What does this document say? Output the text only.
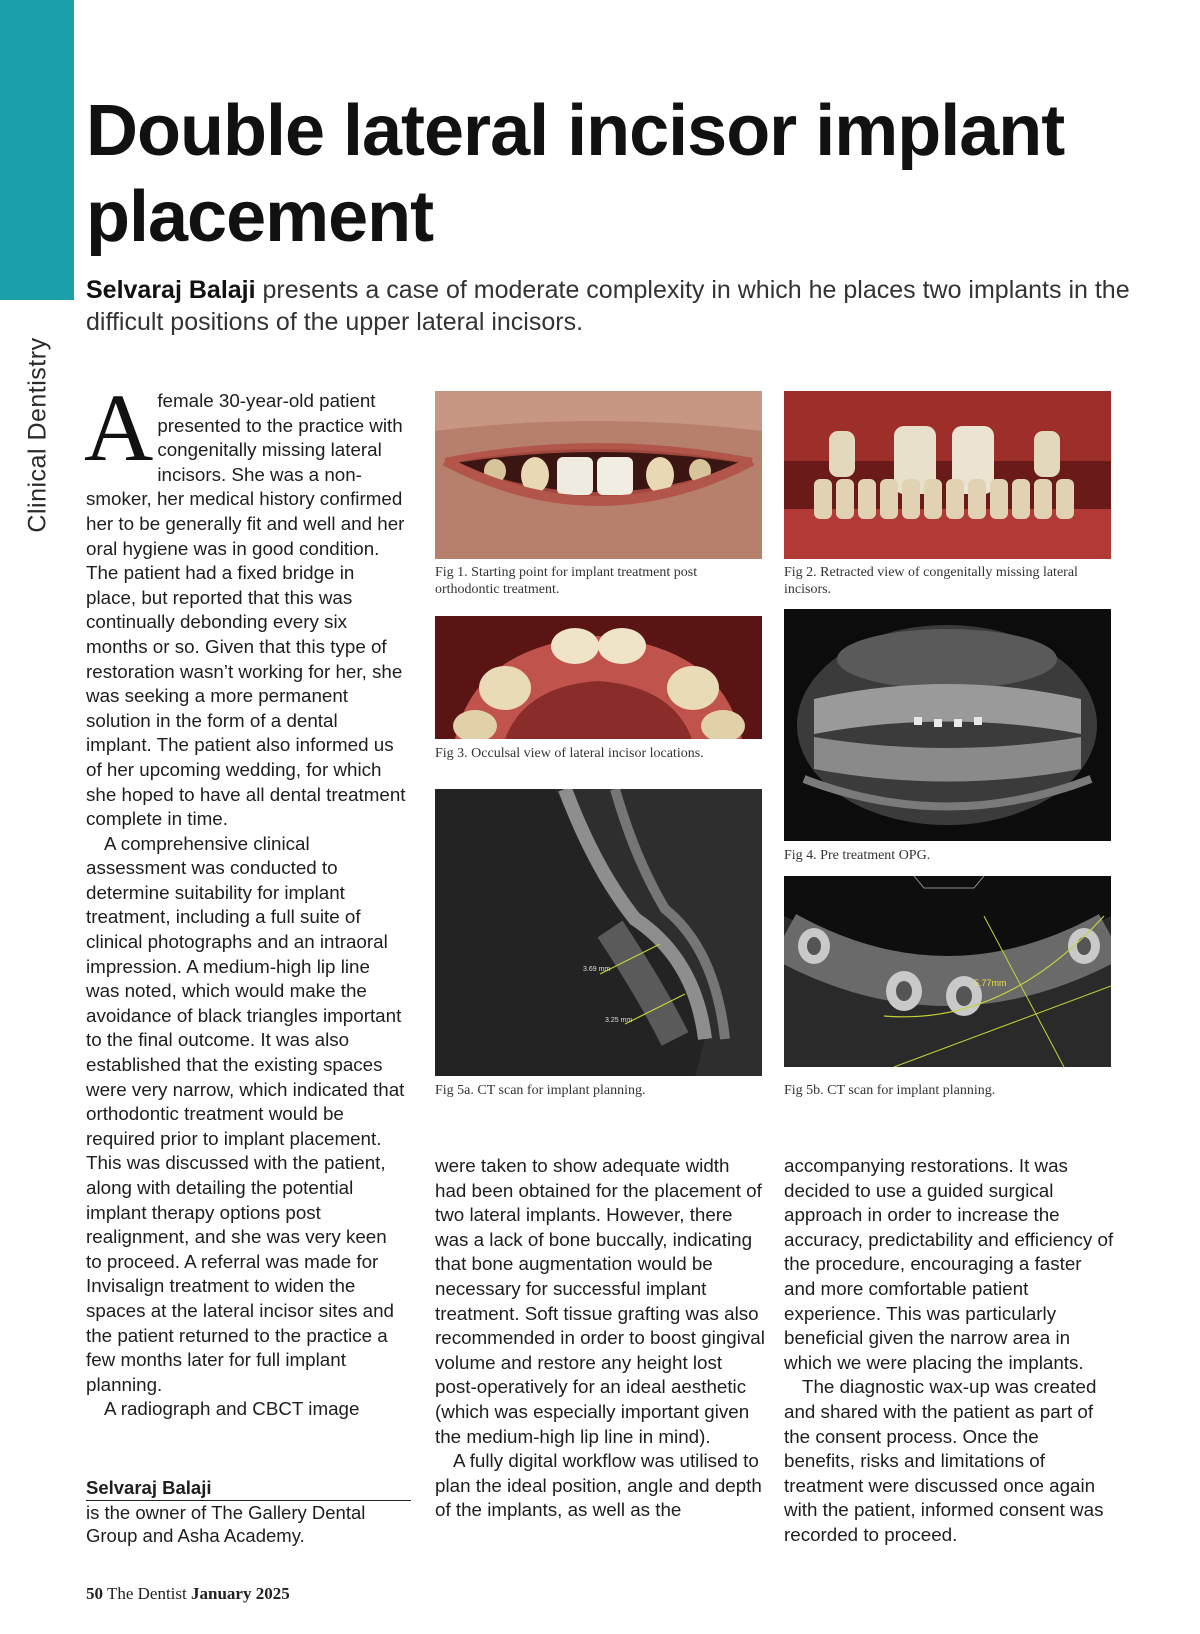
Clinical Dentistry
Double lateral incisor implant placement

Selvaraj Balaji presents a case of moderate complexity in which he places two implants in the difficult positions of the upper lateral incisors.

Afemale 30-year-old patient presented to the practice with congenitally missing lateral incisors. She was a non-smoker, her medical history confirmed her to be generally fit and well and her oral hygiene was in good condition. The patient had a fixed bridge in place, but reported that this was continually debonding every six months or so. Given that this type of restoration wasn’t working for her, she was seeking a more permanent solution in the form of a dental implant. The patient also informed us of her upcoming wedding, for which she hoped to have all dental treatment complete in time.

A comprehensive clinical assessment was conducted to determine suitability for implant treatment, including a full suite of clinical photographs and an intraoral impression. A medium-high lip line was noted, which would make the avoidance of black triangles important to the final outcome. It was also established that the existing spaces were very narrow, which indicated that orthodontic treatment would be required prior to implant placement. This was discussed with the patient, along with detailing the potential implant therapy options post realignment, and she was very keen to proceed. A referral was made for Invisalign treatment to widen the spaces at the lateral incisor sites and the patient returned to the practice a few months later for full implant planning.

A radiograph and CBCT image

were taken to show adequate width had been obtained for the placement of two lateral implants. However, there was a lack of bone buccally, indicating that bone augmentation would be necessary for successful implant treatment. Soft tissue grafting was also recommended in order to boost gingival volume and restore any height lost post-operatively for an ideal aesthetic (which was especially important given the medium-high lip line in mind).

A fully digital workflow was utilised to plan the ideal position, angle and depth of the implants, as well as the

accompanying restorations. It was decided to use a guided surgical approach in order to increase the accuracy, predictability and efficiency of the procedure, encouraging a faster and more comfortable patient experience. This was particularly beneficial given the narrow area in which we were placing the implants.

The diagnostic wax-up was created and shared with the patient as part of the consent process. Once the benefits, risks and limitations of treatment were discussed once again with the patient, informed consent was recorded to proceed.

Fig 1. Starting point for implant treatment post orthodontic treatment.

Fig 2. Retracted view of congenitally missing lateral incisors.

Fig 3. Occulsal view of lateral incisor locations.

Fig 4. Pre treatment OPG.

3.69 mm
3.25 mm

Fig 5a. CT scan for implant planning.

5.77mm

Fig 5b. CT scan for implant planning.

Selvaraj Balaji
is the owner of The Gallery Dental Group and Asha Academy.
50 The Dentist January 2025
